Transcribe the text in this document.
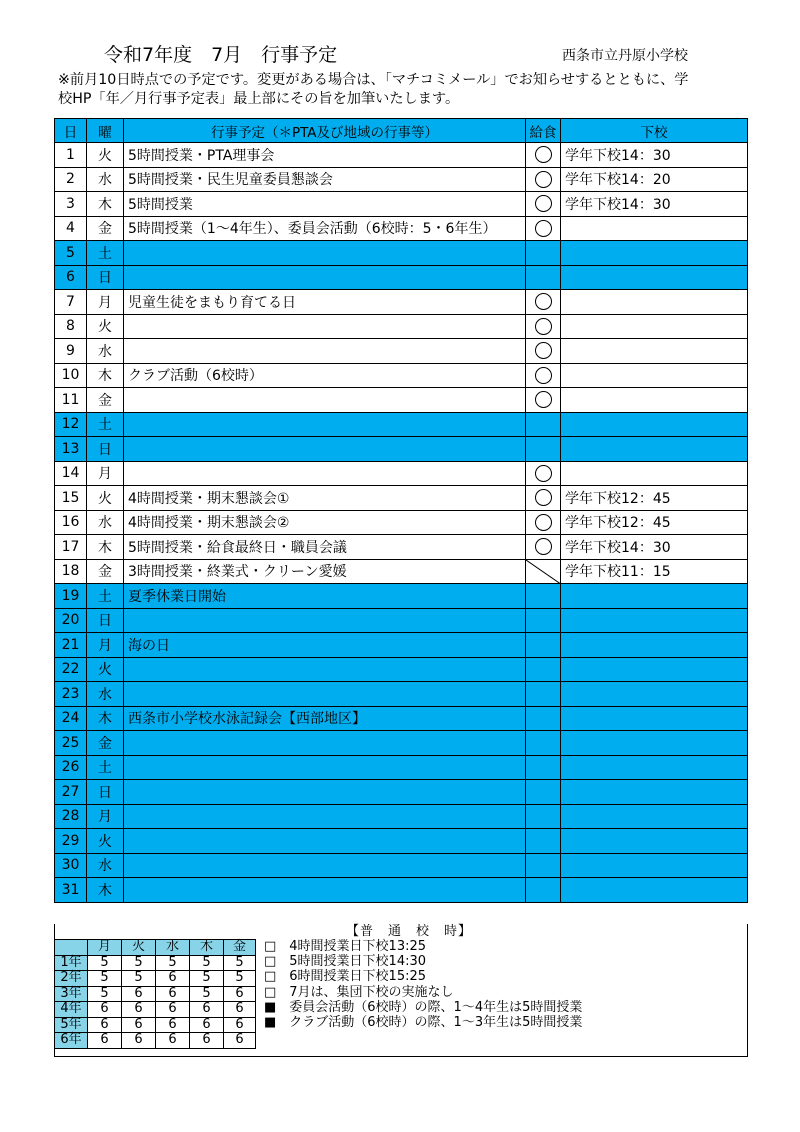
令和7年度　7月　行事予定	西条市立丹原小学校
※前月10日時点での予定です。変更がある場合は、「マチコミメール」でお知らせするとともに、学
校HP「年／月行事予定表」最上部にその旨を加筆いたします。
日	曜	行事予定（＊PTA及び地域の行事等）	給食	下校
1	火	5時間授業・PTA理事会		学年下校14：30
2	水	5時間授業・民生児童委員懇談会		学年下校14：20
3	木	5時間授業		学年下校14：30
4	金	5時間授業（1～4年生）、委員会活動（6校時：5・6年生）		
5	土			
6	日			
7	月	児童生徒をまもり育てる日		
8	火			
9	水			
10	木	クラブ活動（6校時）		
11	金			
12	土			
13	日			
14	月			
15	火	4時間授業・期末懇談会①		学年下校12：45
16	水	4時間授業・期末懇談会②		学年下校12：45
17	木	5時間授業・給食最終日・職員会議		学年下校14：30
18	金	3時間授業・終業式・クリーン愛媛		学年下校11：15
19	土	夏季休業日開始		
20	日			
21	月	海の日		
22	火			
23	水			
24	木	西条市小学校水泳記録会【西部地区】		
25	金			
26	土			
27	日			
28	月			
29	火			
30	水			
31	木			
【普　通　校　時】
	月	火	水	木	金
1年	5	5	5	5	5
2年	5	5	6	5	5
3年	5	6	6	5	6
4年	6	6	6	6	6
5年	6	6	6	6	6
6年	6	6	6	6	6
□　4時間授業日下校13:25
□　5時間授業日下校14:30
□　6時間授業日下校15:25
□　7月は、集団下校の実施なし
■　委員会活動（6校時）の際、1～4年生は5時間授業
■　クラブ活動（6校時）の際、1～3年生は5時間授業
